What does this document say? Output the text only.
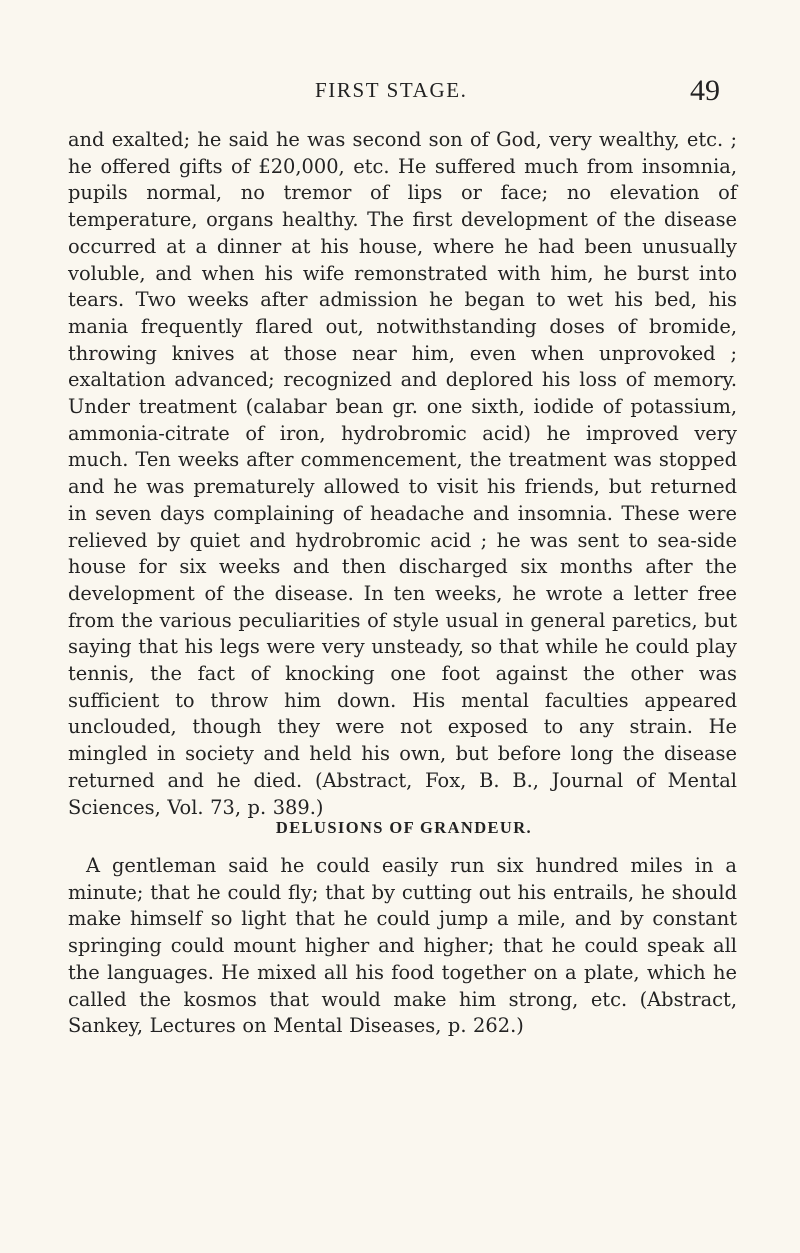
FIRST STAGE.	49

and exalted; he said he was second son of God, very wealthy, etc. ; he offered gifts of £20,000, etc. He suffered much from insomnia, pupils normal, no tremor of lips or face; no elevation of temperature, organs healthy. The first development of the disease occurred at a dinner at his house, where he had been unusually voluble, and when his wife remonstrated with him, he burst into tears. Two weeks after admission he began to wet his bed, his mania frequently flared out, notwithstanding doses of bromide, throwing knives at those near him, even when unprovoked ; exaltation advanced; recognized and deplored his loss of memory. Under treatment (calabar bean gr. one sixth, iodide of potassium, ammonia-citrate of iron, hydrobromic acid) he improved very much. Ten weeks after commencement, the treatment was stopped and he was prematurely allowed to visit his friends, but returned in seven days complaining of headache and insomnia. These were relieved by quiet and hydrobromic acid ; he was sent to sea-side house for six weeks and then discharged six months after the development of the disease. In ten weeks, he wrote a letter free from the various peculiarities of style usual in general paretics, but saying that his legs were very unsteady, so that while he could play tennis, the fact of knocking one foot against the other was sufficient to throw him down. His mental faculties appeared unclouded, though they were not exposed to any strain. He mingled in society and held his own, but before long the disease returned and he died. (Abstract, Fox, B. B., Journal of Mental Sciences, Vol. 73, p. 389.)

DELUSIONS OF GRANDEUR.

A gentleman said he could easily run six hundred miles in a minute; that he could fly; that by cutting out his entrails, he should make himself so light that he could jump a mile, and by constant springing could mount higher and higher; that he could speak all the languages. He mixed all his food together on a plate, which he called the kosmos that would make him strong, etc. (Abstract, Sankey, Lectures on Mental Diseases, p. 262.)
